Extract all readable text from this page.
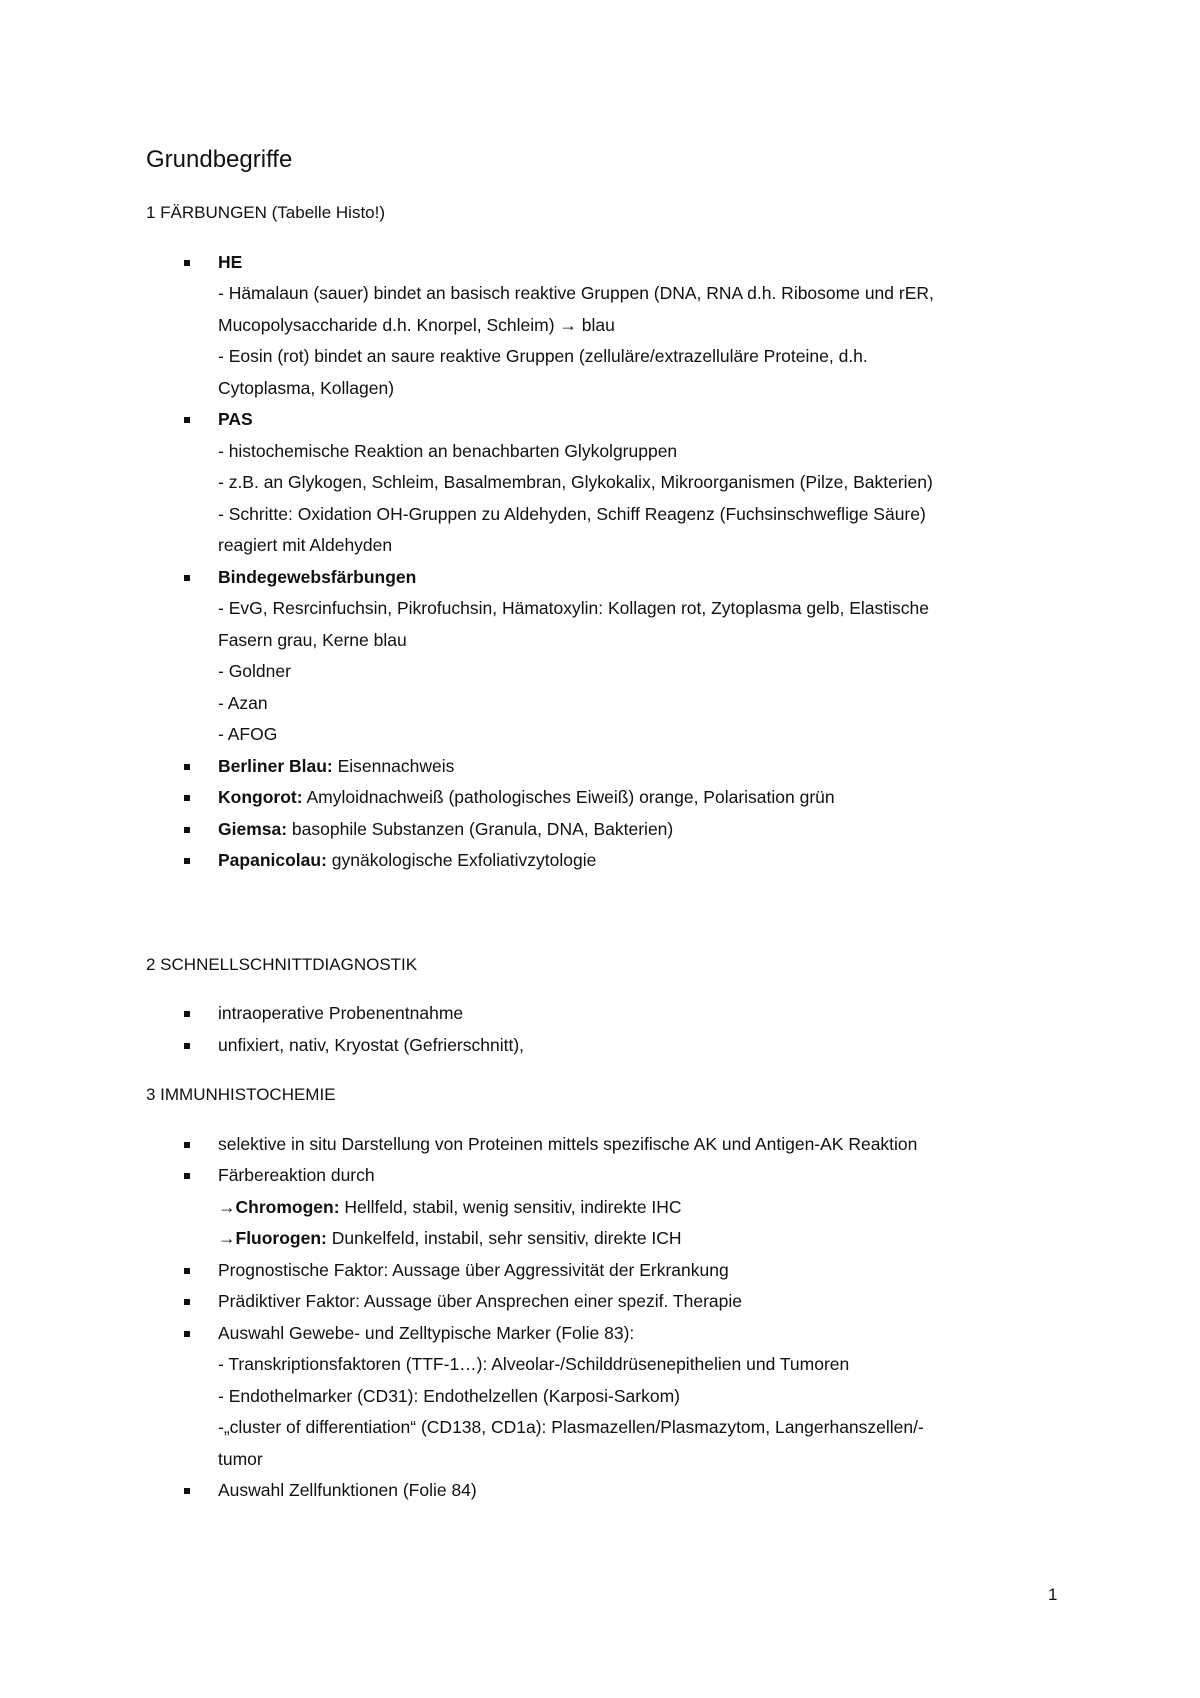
Grundbegriffe
1 FÄRBUNGEN (Tabelle Histo!)
HE
- Hämalaun (sauer) bindet an basisch reaktive Gruppen (DNA, RNA d.h. Ribosome und rER,
Mucopolysaccharide d.h. Knorpel, Schleim) → blau
- Eosin (rot) bindet an saure reaktive Gruppen (zelluläre/extrazelluläre Proteine, d.h.
Cytoplasma, Kollagen)
PAS
- histochemische Reaktion an benachbarten Glykolgruppen
- z.B. an Glykogen, Schleim, Basalmembran, Glykokalix, Mikroorganismen (Pilze, Bakterien)
- Schritte: Oxidation OH-Gruppen zu Aldehyden, Schiff Reagenz (Fuchsinschweflige Säure)
reagiert mit Aldehyden
Bindegewebsfärbungen
- EvG, Resrcinfuchsin, Pikrofuchsin, Hämatoxylin: Kollagen rot, Zytoplasma gelb, Elastische
Fasern grau, Kerne blau
- Goldner
- Azan
- AFOG
Berliner Blau: Eisennachweis
Kongorot: Amyloidnachweiß (pathologisches Eiweiß) orange, Polarisation grün
Giemsa: basophile Substanzen (Granula, DNA, Bakterien)
Papanicolau: gynäkologische Exfoliativzytologie
2 SCHNELLSCHNITTDIAGNOSTIK
intraoperative Probenentnahme
unfixiert, nativ, Kryostat (Gefrierschnitt),
3 IMMUNHISTOCHEMIE
selektive in situ Darstellung von Proteinen mittels spezifische AK und Antigen-AK Reaktion
Färbereaktion durch
→Chromogen: Hellfeld, stabil, wenig sensitiv, indirekte IHC
→Fluorogen: Dunkelfeld, instabil, sehr sensitiv, direkte ICH
Prognostische Faktor: Aussage über Aggressivität der Erkrankung
Prädiktiver Faktor: Aussage über Ansprechen einer spezif. Therapie
Auswahl Gewebe- und Zelltypische Marker (Folie 83):
- Transkriptionsfaktoren (TTF-1…): Alveolar-/Schilddrüsenepithelien und Tumoren
- Endothelmarker (CD31): Endothelzellen (Karposi-Sarkom)
-„cluster of differentiation“ (CD138, CD1a): Plasmazellen/Plasmazytom, Langerhanszellen/-
tumor
Auswahl Zellfunktionen (Folie 84)
1
